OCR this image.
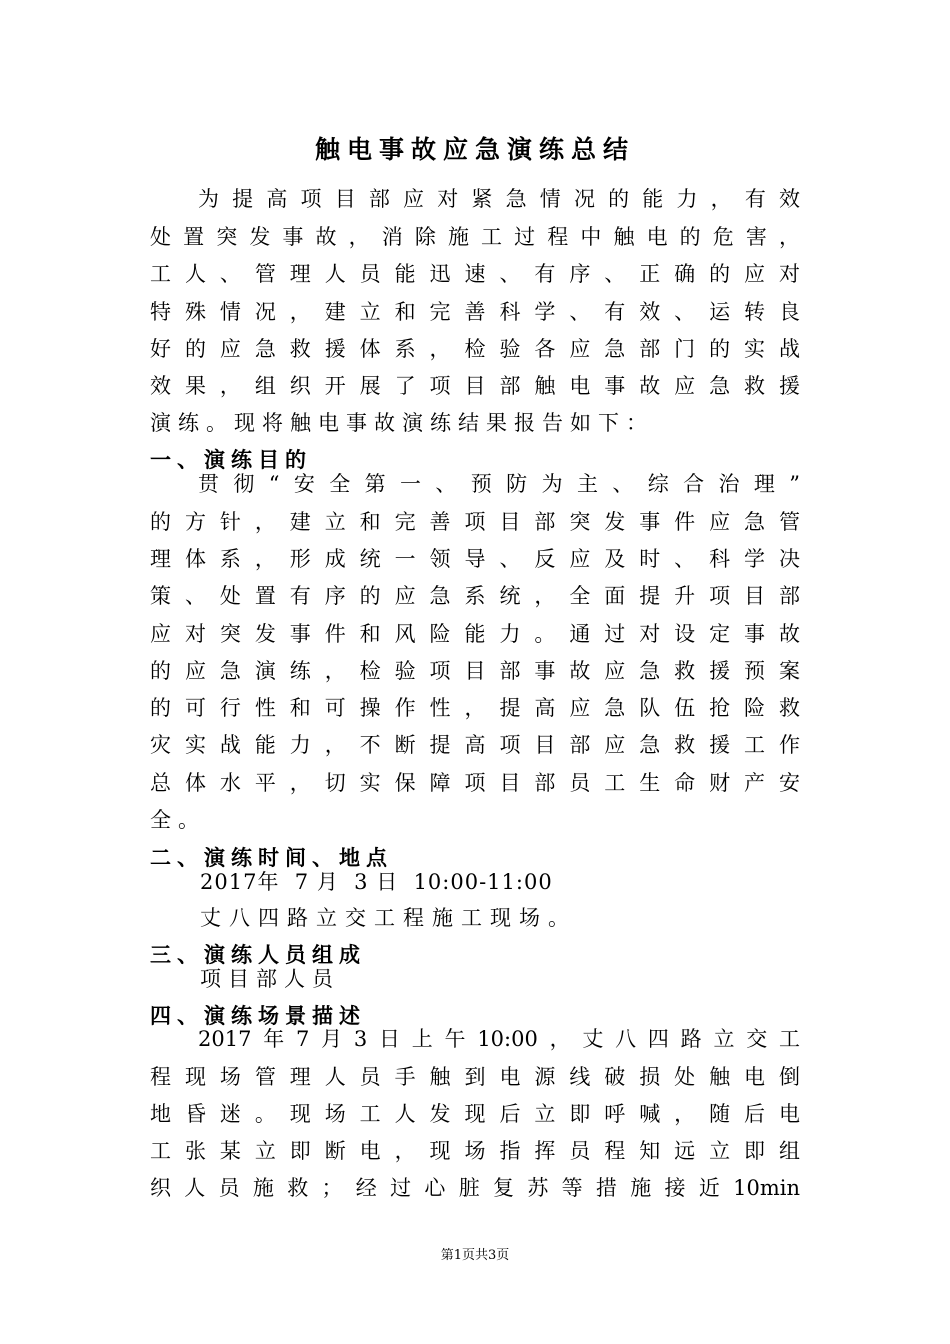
触电事故应急演练总结
为提高项目部应对紧急情况的能力，有效
处置突发事故，消除施工过程中触电的危害，
工人、管理人员能迅速、有序、正确的应对
特殊情况，建立和完善科学、有效、运转良
好的应急救援体系，检验各应急部门的实战
效果，组织开展了项目部触电事故应急救援
演练。现将触电事故演练结果报告如下：
一、演练目的
贯彻“安全第一、预防为主、综合治理”
的方针，建立和完善项目部突发事件应急管
理体系，形成统一领导、反应及时、科学决
策、处置有序的应急系统，全面提升项目部
应对突发事件和风险能力。通过对设定事故
的应急演练，检验项目部事故应急救援预案
的可行性和可操作性，提高应急队伍抢险救
灾实战能力，不断提高项目部应急救援工作
总体水平，切实保障项目部员工生命财产安
全。
二、演练时间、地点
2017年  7 月  3 日  10:00-11:00
丈八四路立交工程施工现场。
三、演练人员组成
项目部人员
四、演练场景描述
2017年7月3日上午10:00，丈八四路立交工
程现场管理人员手触到电源线破损处触电倒
地昏迷。现场工人发现后立即呼喊，随后电
工张某立即断电，现场指挥员程知远立即组
织人员施救；经过心脏复苏等措施接近10min
第1页共3页
